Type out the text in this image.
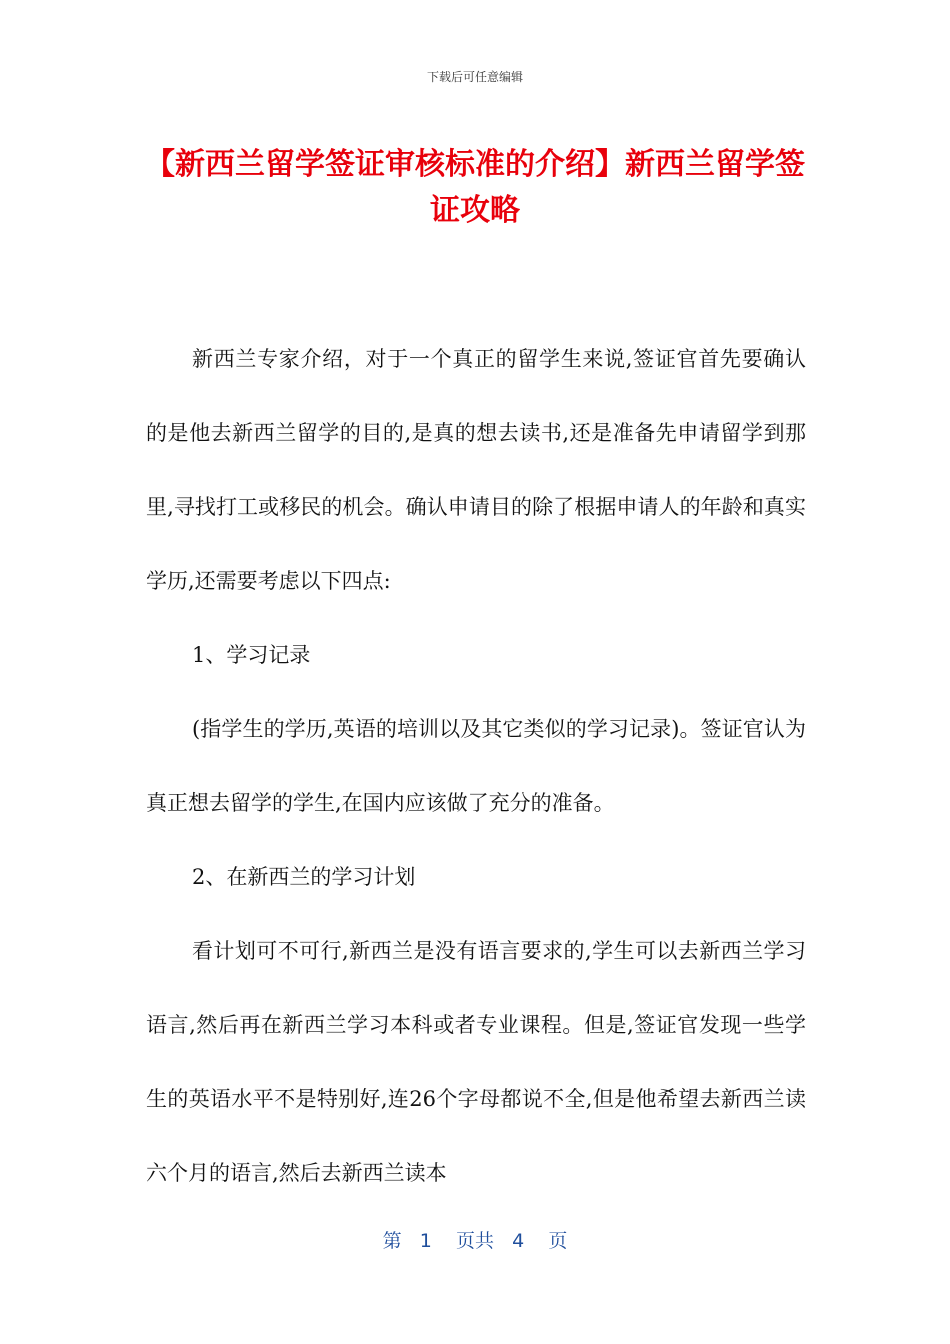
下载后可任意编辑
【新西兰留学签证审核标准的介绍】新西兰留学签证攻略

新西兰专家介绍，对于一个真正的留学生来说,签证官首先要确认的是他去新西兰留学的目的,是真的想去读书,还是准备先申请留学到那里,寻找打工或移民的机会。确认申请目的除了根据申请人的年龄和真实学历,还需要考虑以下四点:

1、学习记录

(指学生的学历,英语的培训以及其它类似的学习记录)。签证官认为真正想去留学的学生,在国内应该做了充分的准备。

2、在新西兰的学习计划

看计划可不可行,新西兰是没有语言要求的,学生可以去新西兰学习语言,然后再在新西兰学习本科或者专业课程。但是,签证官发现一些学生的英语水平不是特别好,连26个字母都说不全,但是他希望去新西兰读六个月的语言,然后去新西兰读本

第 1 页共 4 页
